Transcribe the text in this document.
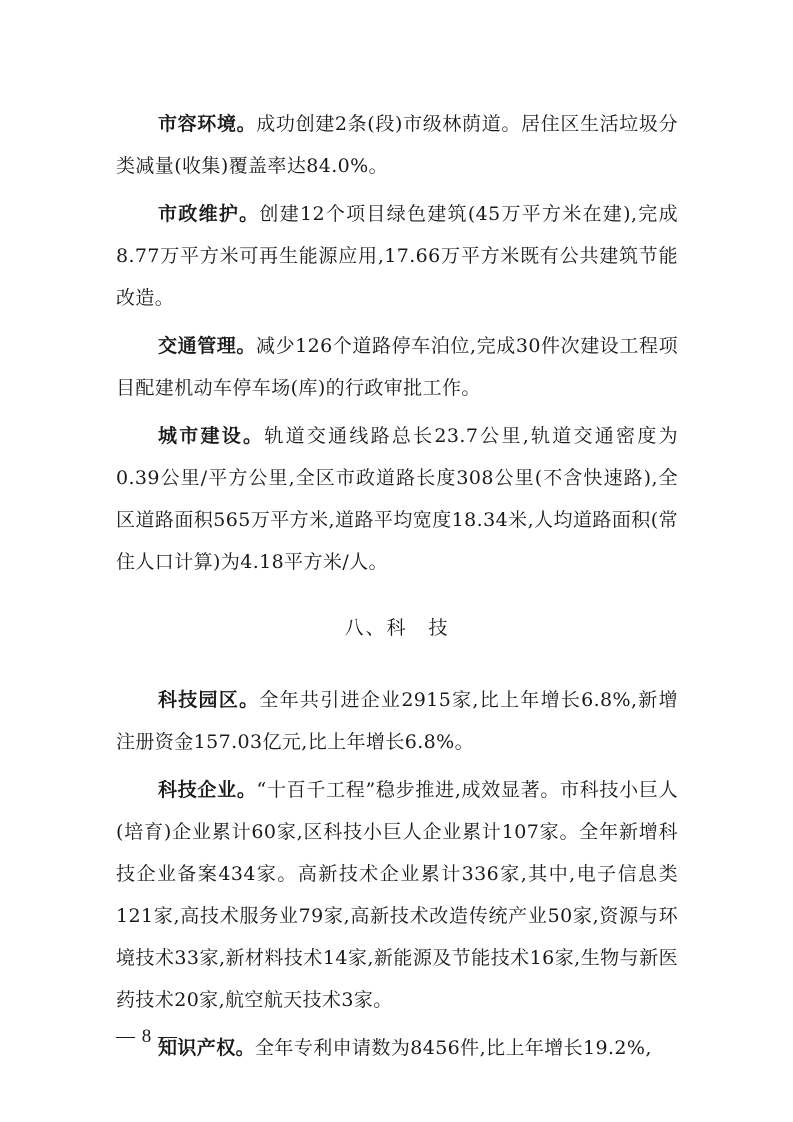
市容环境。成功创建2条(段)市级林荫道。居住区生活垃圾分类减量(收集)覆盖率达84.0%。

市政维护。创建12个项目绿色建筑(45万平方米在建),完成8.77万平方米可再生能源应用,17.66万平方米既有公共建筑节能改造。

交通管理。减少126个道路停车泊位,完成30件次建设工程项目配建机动车停车场(库)的行政审批工作。

城市建设。轨道交通线路总长23.7公里,轨道交通密度为0.39公里/平方公里,全区市政道路长度308公里(不含快速路),全区道路面积565万平方米,道路平均宽度18.34米,人均道路面积(常住人口计算)为4.18平方米/人。

八、科　技

科技园区。全年共引进企业2915家,比上年增长6.8%,新增注册资金157.03亿元,比上年增长6.8%。

科技企业。“十百千工程”稳步推进,成效显著。市科技小巨人(培育)企业累计60家,区科技小巨人企业累计107家。全年新增科技企业备案434家。高新技术企业累计336家,其中,电子信息类121家,高技术服务业79家,高新技术改造传统产业50家,资源与环境技术33家,新材料技术14家,新能源及节能技术16家,生物与新医药技术20家,航空航天技术3家。

知识产权。全年专利申请数为8456件,比上年增长19.2%,

— 8 —
